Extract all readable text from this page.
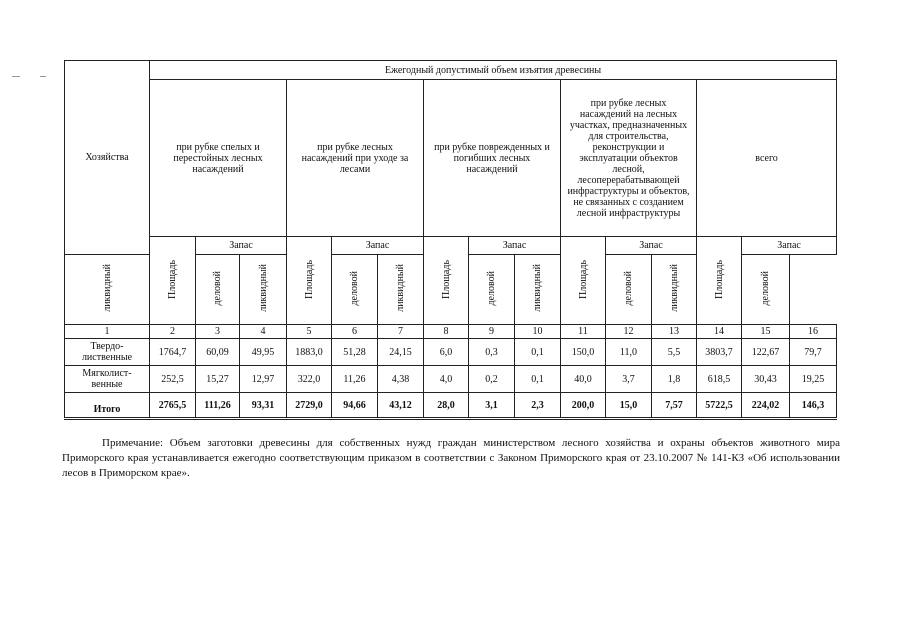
Хозяйства	Ежегодный допустимый объем изъятия древесины														
	при рубке спелых и перестойных лесных насаждений			при рубке лесных насаждений при уходе за лесами			при рубке поврежденных и погибших лесных насаждений			при рубке лесных насаждений на лесных участках, предназначенных для строительства, реконструкции и эксплуатации объектов лесной, лесоперерабатывающей инфраструктуры и объектов, не связанных с созданием лесной инфраструктуры			всего		
	Площадь	Запас		Площадь	Запас		Площадь	Запас		Площадь	Запас		Площадь	Запас	
ликвидный		деловой	ликвидный		деловой	ликвидный		деловой	ликвидный		деловой	ликвидный		деловой	
1	2	3	4	5	6	7	8	9	10	11	12	13	14	15	16
Твердо-лиственные	1764,7	60,09	49,95	1883,0	51,28	24,15	6,0	0,3	0,1	150,0	11,0	5,5	3803,7	122,67	79,7
Мягколист-венные	252,5	15,27	12,97	322,0	11,26	4,38	4,0	0,2	0,1	40,0	3,7	1,8	618,5	30,43	19,25
Итого	2765,5	111,26	93,31	2729,0	94,66	43,12	28,0	3,1	2,3	200,0	15,0	7,57	5722,5	224,02	146,3

Примечание: Объем заготовки древесины для собственных нужд граждан министерством лесного хозяйства и охраны объектов животного мира Приморского края устанавливается ежегодно соответствующим приказом в соответствии с Законом Приморского края от 23.10.2007 № 141-КЗ «Об использовании лесов в Приморском крае».
